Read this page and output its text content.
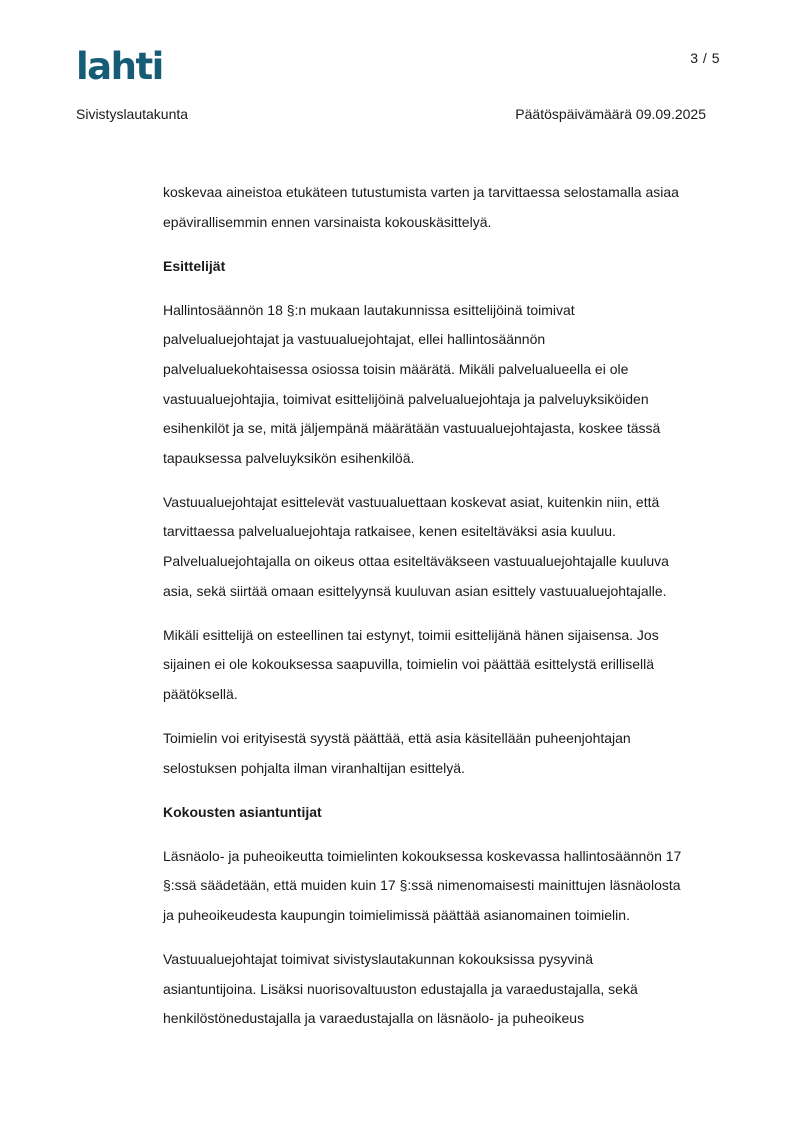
lahti	3 / 5
Sivistyslautakunta	Päätöspäivämäärä 09.09.2025

koskevaa aineistoa etukäteen tutustumista varten ja tarvittaessa selostamalla asiaa

epävirallisemmin ennen varsinaista kokouskäsittelyä.

Esittelijät

Hallintosäännön 18 §:n mukaan lautakunnissa esittelijöinä toimivat

palvelualuejohtajat ja vastuualuejohtajat, ellei hallintosäännön

palvelualuekohtaisessa osiossa toisin määrätä. Mikäli palvelualueella ei ole

vastuualuejohtajia, toimivat esittelijöinä palvelualuejohtaja ja palveluyksiköiden

esihenkilöt ja se, mitä jäljempänä määrätään vastuualuejohtajasta, koskee tässä

tapauksessa palveluyksikön esihenkilöä.

Vastuualuejohtajat esittelevät vastuualuettaan koskevat asiat, kuitenkin niin, että

tarvittaessa palvelualuejohtaja ratkaisee, kenen esiteltäväksi asia kuuluu.

Palvelualuejohtajalla on oikeus ottaa esiteltäväkseen vastuualuejohtajalle kuuluva

asia, sekä siirtää omaan esittelyynsä kuuluvan asian esittely vastuualuejohtajalle.

Mikäli esittelijä on esteellinen tai estynyt, toimii esittelijänä hänen sijaisensa. Jos

sijainen ei ole kokouksessa saapuvilla, toimielin voi päättää esittelystä erillisellä

päätöksellä.

Toimielin voi erityisestä syystä päättää, että asia käsitellään puheenjohtajan

selostuksen pohjalta ilman viranhaltijan esittelyä.

Kokousten asiantuntijat

Läsnäolo- ja puheoikeutta toimielinten kokouksessa koskevassa hallintosäännön 17

§:ssä säädetään, että muiden kuin 17 §:ssä nimenomaisesti mainittujen läsnäolosta

ja puheoikeudesta kaupungin toimielimissä päättää asianomainen toimielin.

Vastuualuejohtajat toimivat sivistyslautakunnan kokouksissa pysyvinä

asiantuntijoina. Lisäksi nuorisovaltuuston edustajalla ja varaedustajalla, sekä

henkilöstönedustajalla ja varaedustajalla on läsnäolo- ja puheoikeus
